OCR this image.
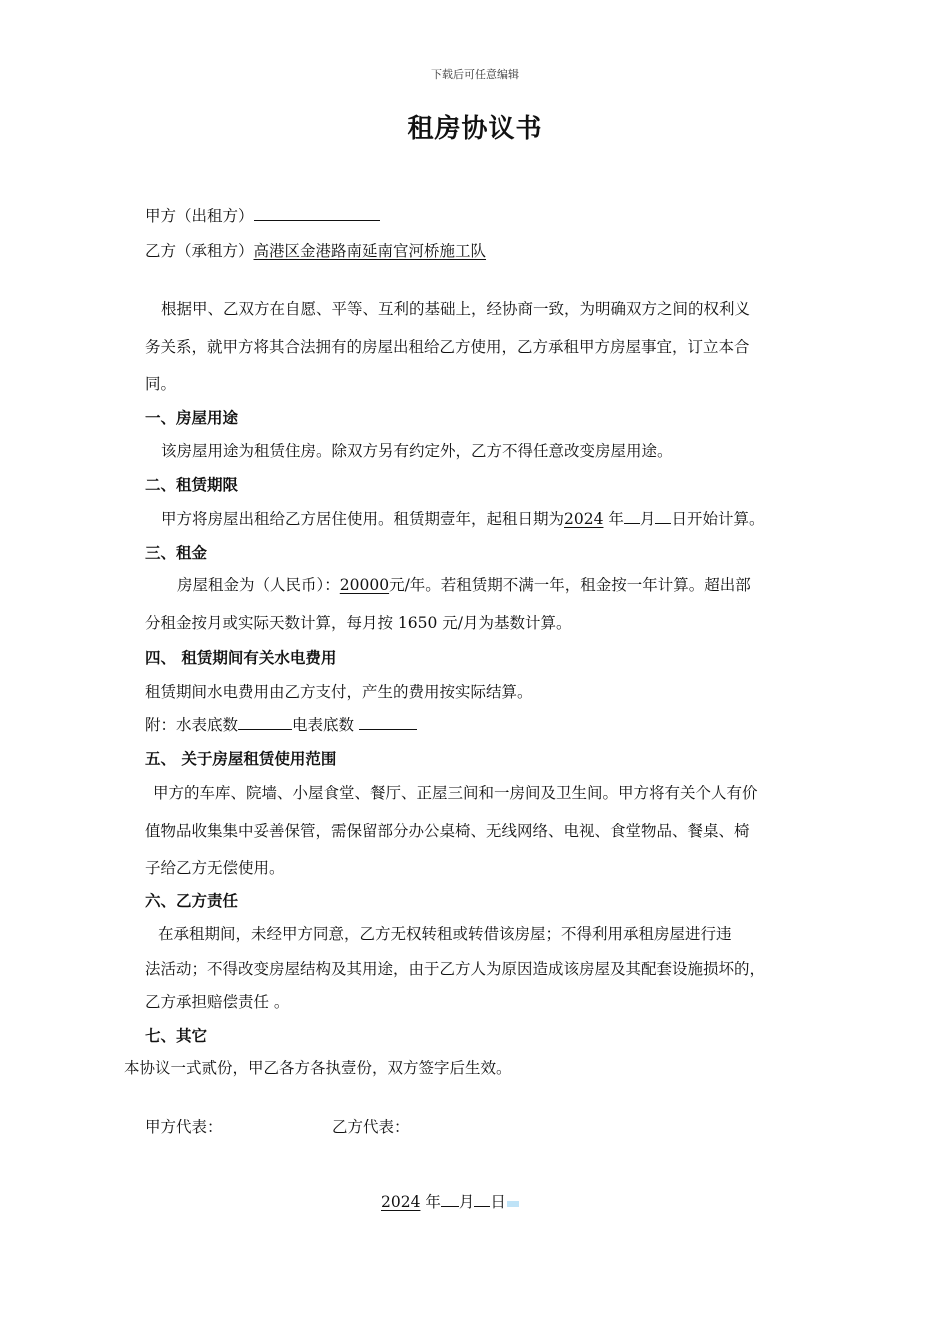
下载后可任意编辑
租房协议书
甲方（出租方）
乙方（承租方）高港区金港路南延南官河桥施工队
根据甲、乙双方在自愿、平等、互利的基础上，经协商一致，为明确双方之间的权利义
务关系，就甲方将其合法拥有的房屋出租给乙方使用，乙方承租甲方房屋事宜，订立本合
同。
一、房屋用途
该房屋用途为租赁住房。除双方另有约定外，乙方不得任意改变房屋用途。
二、租赁期限
甲方将房屋出租给乙方居住使用。租赁期壹年，起租日期为2024 年 月 日开始计算。
三、租金
房屋租金为（人民币）：20000元/年。若租赁期不满一年，租金按一年计算。超出部
分租金按月或实际天数计算，每月按 1650 元/月为基数计算。
四、 租赁期间有关水电费用
租赁期间水电费用由乙方支付，产生的费用按实际结算。
附：水表底数	电表底数
五、 关于房屋租赁使用范围
甲方的车库、院墙、小屋食堂、餐厅、正屋三间和一房间及卫生间。甲方将有关个人有价
值物品收集集中妥善保管，需保留部分办公桌椅、无线网络、电视、食堂物品、餐桌、椅
子给乙方无偿使用。
六、乙方责任
在承租期间，未经甲方同意，乙方无权转租或转借该房屋；不得利用承租房屋进行违
法活动；不得改变房屋结构及其用途，由于乙方人为原因造成该房屋及其配套设施损坏的，
乙方承担赔偿责任 。
七、其它
本协议一式贰份，甲乙各方各执壹份，双方签字后生效。
甲方代表：	乙方代表：
2024 年 月 日
